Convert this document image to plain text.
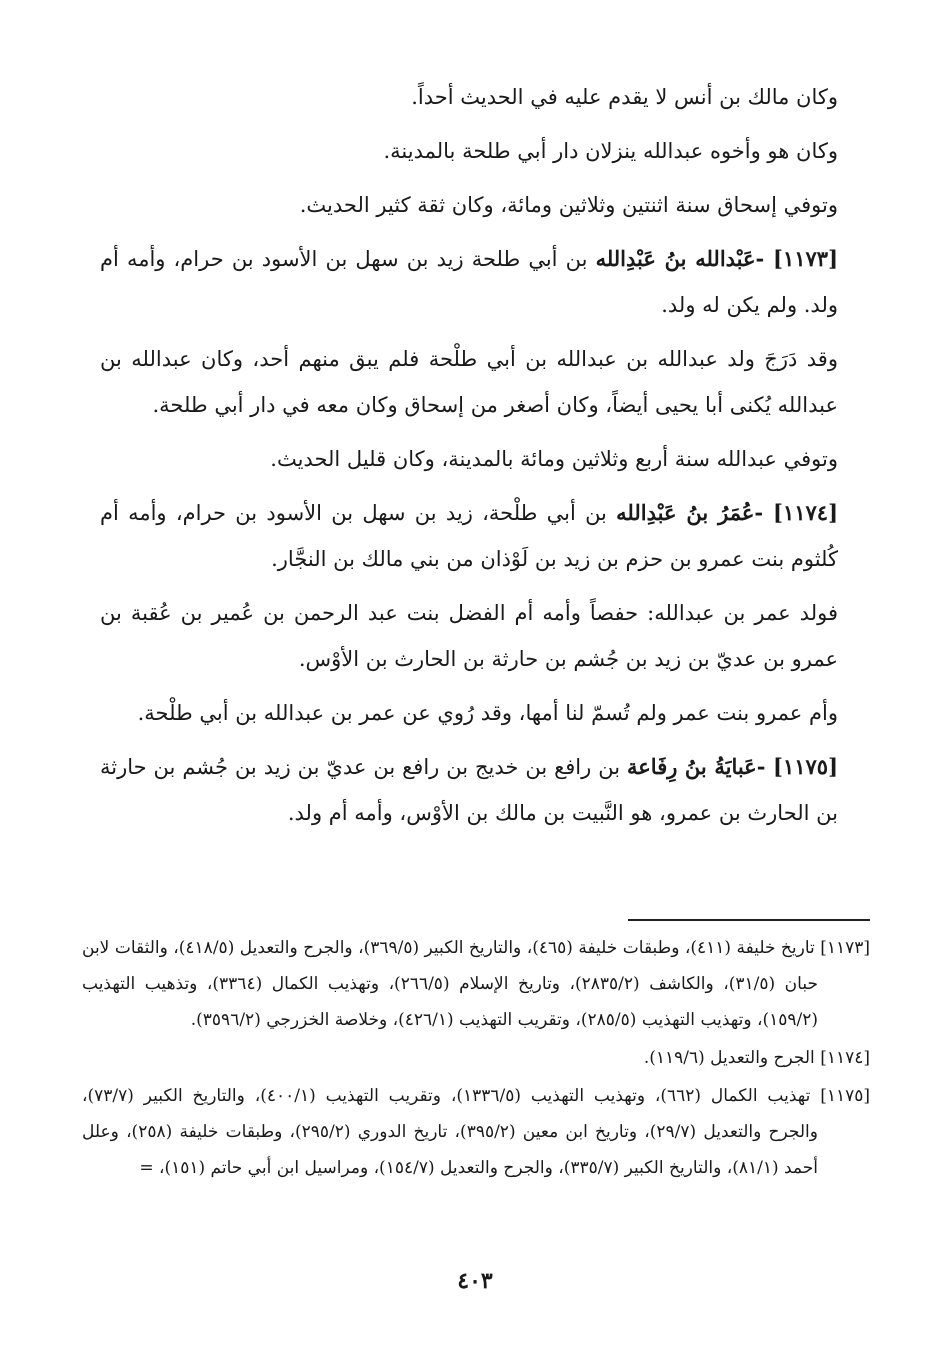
وكان مالك بن أنس لا يقدم عليه في الحديث أحداً.

وكان هو وأخوه عبدالله ينزلان دار أبي طلحة بالمدينة.

وتوفي إسحاق سنة اثنتين وثلاثين ومائة، وكان ثقة كثير الحديث.

[١١٧٣] -عَبْدالله بنُ عَبْدِالله بن أبي طلحة زيد بن سهل بن الأسود بن حرام، وأمه أم ولد. ولم يكن له ولد.

وقد دَرَجَ ولد عبدالله بن عبدالله بن أبي طلْحة فلم يبق منهم أحد، وكان عبدالله بن عبدالله يُكنى أبا يحيى أيضاً، وكان أصغر من إسحاق وكان معه في دار أبي طلحة.

وتوفي عبدالله سنة أربع وثلاثين ومائة بالمدينة، وكان قليل الحديث.

[١١٧٤] -عُمَرُ بنُ عَبْدِالله بن أبي طلْحة، زيد بن سهل بن الأسود بن حرام، وأمه أم كُلثوم بنت عمرو بن حزم بن زيد بن لَوْذان من بني مالك بن النجَّار.

فولد عمر بن عبدالله: حفصاً وأمه أم الفضل بنت عبد الرحمن بن عُمير بن عُقبة بن عمرو بن عديّ بن زيد بن جُشم بن حارثة بن الحارث بن الأوْس.

وأم عمرو بنت عمر ولم تُسمّ لنا أمها، وقد رُوي عن عمر بن عبدالله بن أبي طلْحة.

[١١٧٥] -عَبايَةُ بنُ رِفَاعة بن رافع بن خديج بن رافع بن عديّ بن زيد بن جُشم بن حارثة بن الحارث بن عمرو، هو النَّبيت بن مالك بن الأوْس، وأمه أم ولد.

[١١٧٣] تاريخ خليفة (٤١١)، وطبقات خليفة (٤٦٥)، والتاريخ الكبير (٣٦٩/٥)، والجرح والتعديل (٤١٨/٥)، والثقات لابن حبان (٣١/٥)، والكاشف (٢٨٣٥/٢)، وتاريخ الإسلام (٢٦٦/٥)، وتهذيب الكمال (٣٣٦٤)، وتذهيب التهذيب (١٥٩/٢)، وتهذيب التهذيب (٢٨٥/٥)، وتقريب التهذيب (٤٢٦/١)، وخلاصة الخزرجي (٣٥٩٦/٢).

[١١٧٤] الجرح والتعديل (١١٩/٦).

[١١٧٥] تهذيب الكمال (٦٦٢)، وتهذيب التهذيب (١٣٣٦/٥)، وتقريب التهذيب (٤٠٠/١)، والتاريخ الكبير (٧٣/٧)، والجرح والتعديل (٢٩/٧)، وتاريخ ابن معين (٣٩٥/٢)، تاريخ الدوري (٢٩٥/٢)، وطبقات خليفة (٢٥٨)، وعلل أحمد (٨١/١)، والتاريخ الكبير (٣٣٥/٧)، والجرح والتعديل (١٥٤/٧)، ومراسيل ابن أبي حاتم (١٥١)، =

٤٠٣
